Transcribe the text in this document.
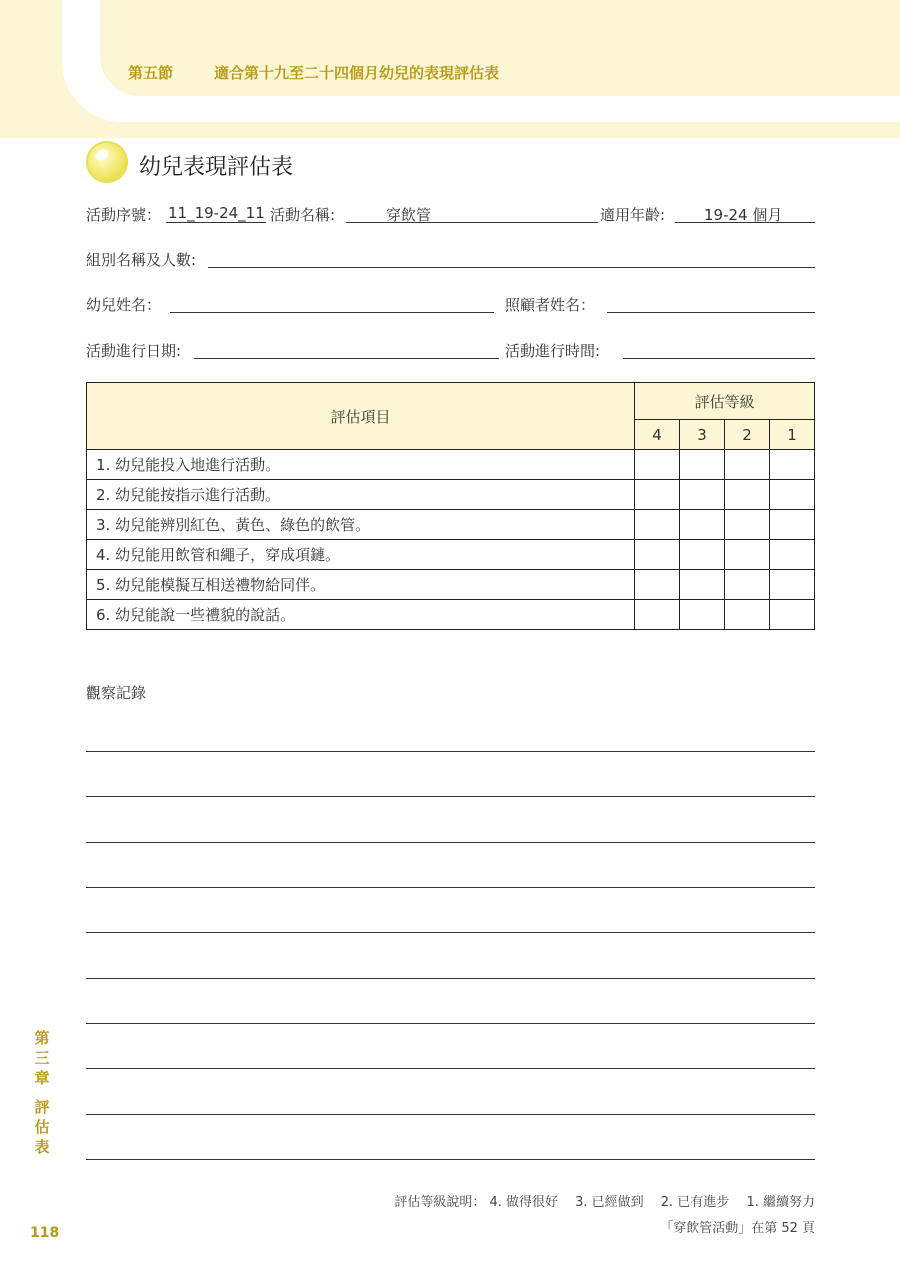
第五節	適合第十九至二十四個月幼兒的表現評估表
幼兒表現評估表
活動序號： 11_19-24_11 活動名稱:	穿飲管	適用年齡:	19-24 個月
組別名稱及人數:
幼兒姓名：	照顧者姓名：
活動進行日期:	活動進行時間:
評估項目	評估等級			
	4	3	2	1
1. 幼兒能投入地進行活動。				
2. 幼兒能按指示進行活動。				
3. 幼兒能辨別紅色、黃色、綠色的飲管。				
4. 幼兒能用飲管和繩子，穿成項鏈。				
5. 幼兒能模擬互相送禮物給同伴。				
6. 幼兒能說一些禮貌的說話。				
觀察記錄
第
三
章
評
估
表
118
評估等級說明： 4. 做得很好　 3. 已經做到　 2. 已有進步　 1. 繼續努力
「穿飲管活動」在第 52 頁
